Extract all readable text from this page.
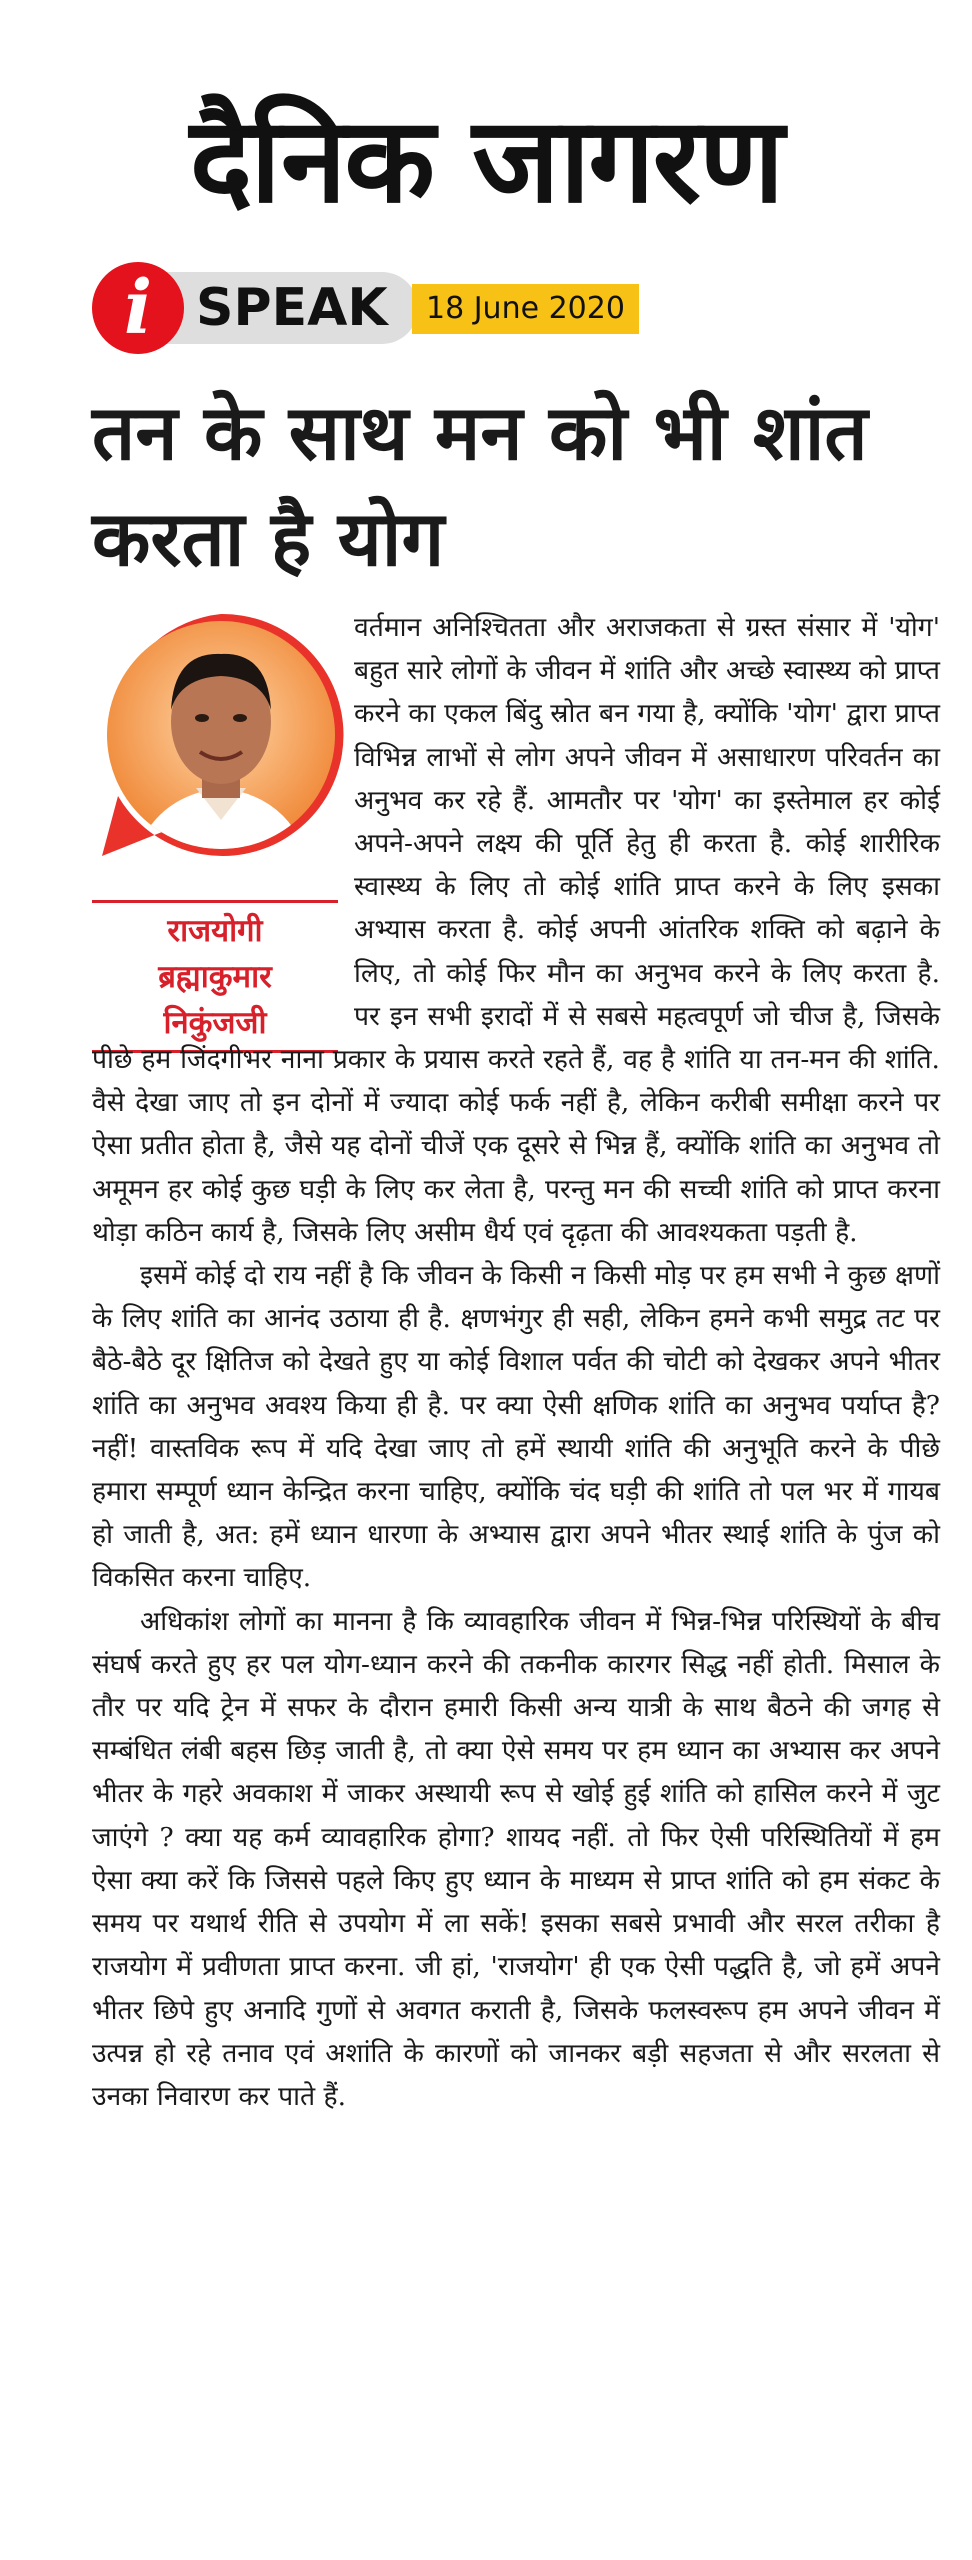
दैनिक जागरण
i SPEAK	18 June 2020
तन के साथ मन को भी शांत करता है योग
राजयोगी
ब्रह्माकुमार
निकुंजजी

वर्तमान अनिश्चितता और अराजकता से ग्रस्त संसार में 'योग' बहुत सारे लोगों के जीवन में शांति और अच्छे स्वास्थ्य को प्राप्त करने का एकल बिंदु स्रोत बन गया है, क्योंकि 'योग' द्वारा प्राप्त विभिन्न लाभों से लोग अपने जीवन में असाधारण परिवर्तन का अनुभव कर रहे हैं. आमतौर पर 'योग' का इस्तेमाल हर कोई अपने-अपने लक्ष्य की पूर्ति हेतु ही करता है. कोई शारीरिक स्वास्थ्य के लिए तो कोई शांति प्राप्त करने के लिए इसका अभ्यास करता है. कोई अपनी आंतरिक शक्ति को बढ़ाने के लिए, तो कोई फिर मौन का अनुभव करने के लिए करता है. पर इन सभी इरादों में से सबसे महत्वपूर्ण जो चीज है, जिसके पीछे हम जिंदगीभर नाना प्रकार के प्रयास करते रहते हैं, वह है शांति या तन-मन की शांति. वैसे देखा जाए तो इन दोनों में ज्यादा कोई फर्क नहीं है, लेकिन करीबी समीक्षा करने पर ऐसा प्रतीत होता है, जैसे यह दोनों चीजें एक दूसरे से भिन्न हैं, क्योंकि शांति का अनुभव तो अमूमन हर कोई कुछ घड़ी के लिए कर लेता है, परन्तु मन की सच्ची शांति को प्राप्त करना थोड़ा कठिन कार्य है, जिसके लिए असीम धैर्य एवं दृढ़ता की आवश्यकता पड़ती है.

इसमें कोई दो राय नहीं है कि जीवन के किसी न किसी मोड़ पर हम सभी ने कुछ क्षणों के लिए शांति का आनंद उठाया ही है. क्षणभंगुर ही सही, लेकिन हमने कभी समुद्र तट पर बैठे-बैठे दूर क्षितिज को देखते हुए या कोई विशाल पर्वत की चोटी को देखकर अपने भीतर शांति का अनुभव अवश्य किया ही है. पर क्या ऐसी क्षणिक शांति का अनुभव पर्याप्त है? नहीं! वास्तविक रूप में यदि देखा जाए तो हमें स्थायी शांति की अनुभूति करने के पीछे हमारा सम्पूर्ण ध्यान केन्द्रित करना चाहिए, क्योंकि चंद घड़ी की शांति तो पल भर में गायब हो जाती है, अत: हमें ध्यान धारणा के अभ्यास द्वारा अपने भीतर स्थाई शांति के पुंज को विकसित करना चाहिए.

अधिकांश लोगों का मानना है कि व्यावहारिक जीवन में भिन्न-भिन्न परिस्थियों के बीच संघर्ष करते हुए हर पल योग-ध्यान करने की तकनीक कारगर सिद्ध नहीं होती. मिसाल के तौर पर यदि ट्रेन में सफर के दौरान हमारी किसी अन्य यात्री के साथ बैठने की जगह से सम्बंधित लंबी बहस छिड़ जाती है, तो क्या ऐसे समय पर हम ध्यान का अभ्यास कर अपने भीतर के गहरे अवकाश में जाकर अस्थायी रूप से खोई हुई शांति को हासिल करने में जुट जाएंगे ? क्या यह कर्म व्यावहारिक होगा? शायद नहीं. तो फिर ऐसी परिस्थितियों में हम ऐसा क्या करें कि जिससे पहले किए हुए ध्यान के माध्यम से प्राप्त शांति को हम संकट के समय पर यथार्थ रीति से उपयोग में ला सकें! इसका सबसे प्रभावी और सरल तरीका है राजयोग में प्रवीणता प्राप्त करना. जी हां, 'राजयोग' ही एक ऐसी पद्धति है, जो हमें अपने भीतर छिपे हुए अनादि गुणों से अवगत कराती है, जिसके फलस्वरूप हम अपने जीवन में उत्पन्न हो रहे तनाव एवं अशांति के कारणों को जानकर बड़ी सहजता से और सरलता से उनका निवारण कर पाते हैं.
